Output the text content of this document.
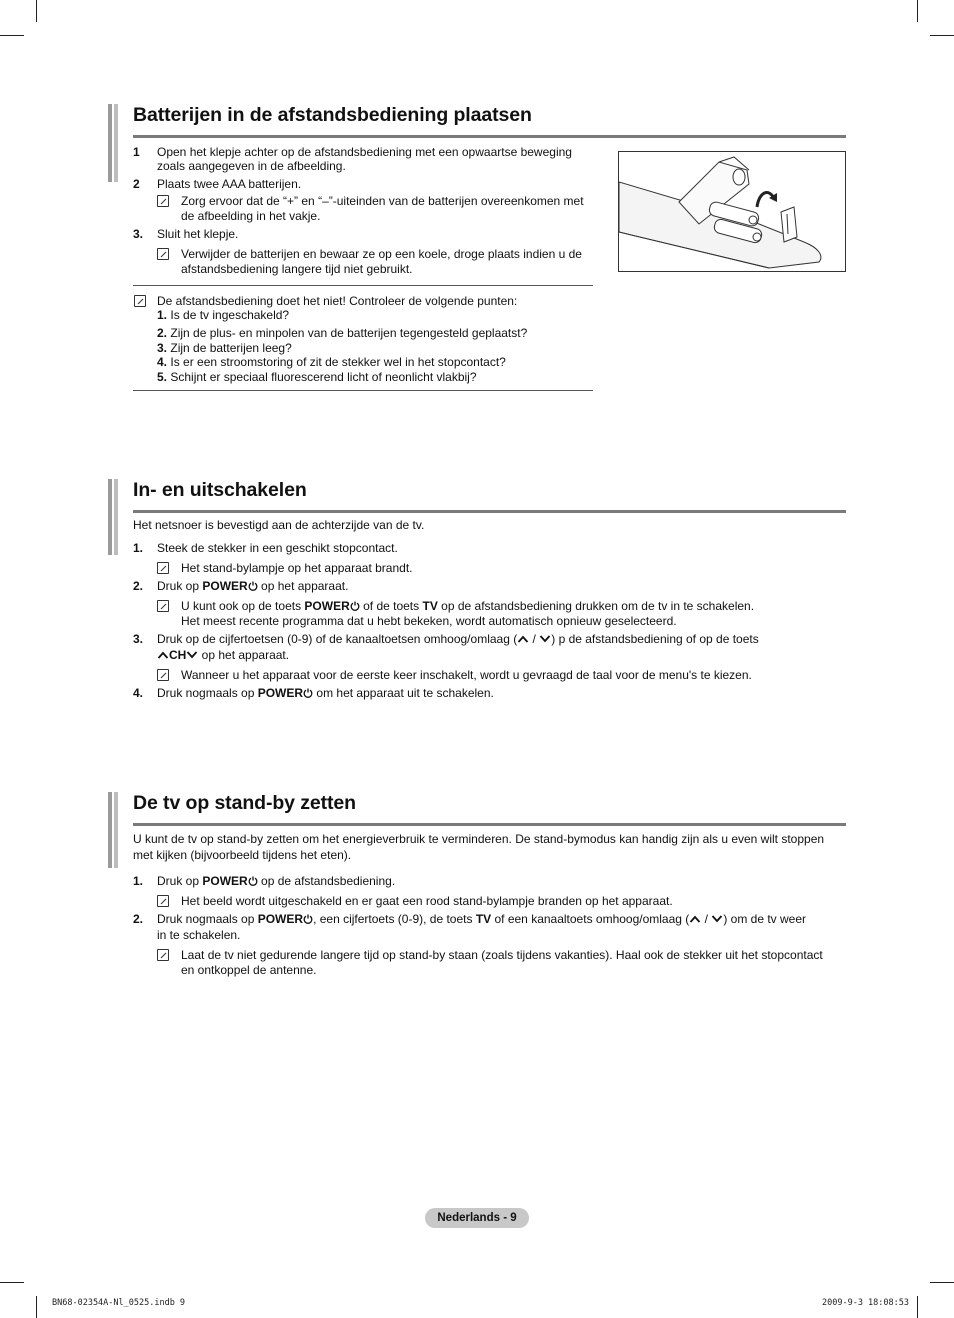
Batterijen in de afstandsbediening plaatsen
1 Open het klepje achter op de afstandsbediening met een opwaartse beweging
zoals aangegeven in de afbeelding.
2 Plaats twee AAA batterijen.
Zorg ervoor dat de “+” en “–”-uiteinden van de batterijen overeenkomen met
de afbeelding in het vakje.
3. Sluit het klepje.
Verwijder de batterijen en bewaar ze op een koele, droge plaats indien u de
afstandsbediening langere tijd niet gebruikt.
De afstandsbediening doet het niet! Controleer de volgende punten:
1. Is de tv ingeschakeld?
2. Zijn de plus- en minpolen van de batterijen tegengesteld geplaatst?
3. Zijn de batterijen leeg?
4. Is er een stroomstoring of zit de stekker wel in het stopcontact?
5. Schijnt er speciaal fluorescerend licht of neonlicht vlakbij?
In- en uitschakelen
Het netsnoer is bevestigd aan de achterzijde van de tv.
1. Steek de stekker in een geschikt stopcontact.
Het stand-bylampje op het apparaat brandt.
2. Druk op POWER op het apparaat.
U kunt ook op de toets POWER of de toets TV op de afstandsbediening drukken om de tv in te schakelen.
Het meest recente programma dat u hebt bekeken, wordt automatisch opnieuw geselecteerd.
3. Druk op de cijfertoetsen (0-9) of de kanaaltoetsen omhoog/omlaag ( / ) p de afstandsbediening of op de toets
CH op het apparaat.
Wanneer u het apparaat voor de eerste keer inschakelt, wordt u gevraagd de taal voor de menu's te kiezen.
4. Druk nogmaals op POWER om het apparaat uit te schakelen.
De tv op stand-by zetten
U kunt de tv op stand-by zetten om het energieverbruik te verminderen. De stand-bymodus kan handig zijn als u even wilt stoppen
met kijken (bijvoorbeeld tijdens het eten).
1. Druk op POWER op de afstandsbediening.
Het beeld wordt uitgeschakeld en er gaat een rood stand-bylampje branden op het apparaat.
2. Druk nogmaals op POWER , een cijfertoets (0-9), de toets TV of een kanaaltoets omhoog/omlaag ( / ) om de tv weer
in te schakelen.
Laat de tv niet gedurende langere tijd op stand-by staan (zoals tijdens vakanties). Haal ook de stekker uit het stopcontact
en ontkoppel de antenne.
Nederlands - 9
BN68-02354A-Nl_0525.indb 9	2009-9-3 18:08:53
